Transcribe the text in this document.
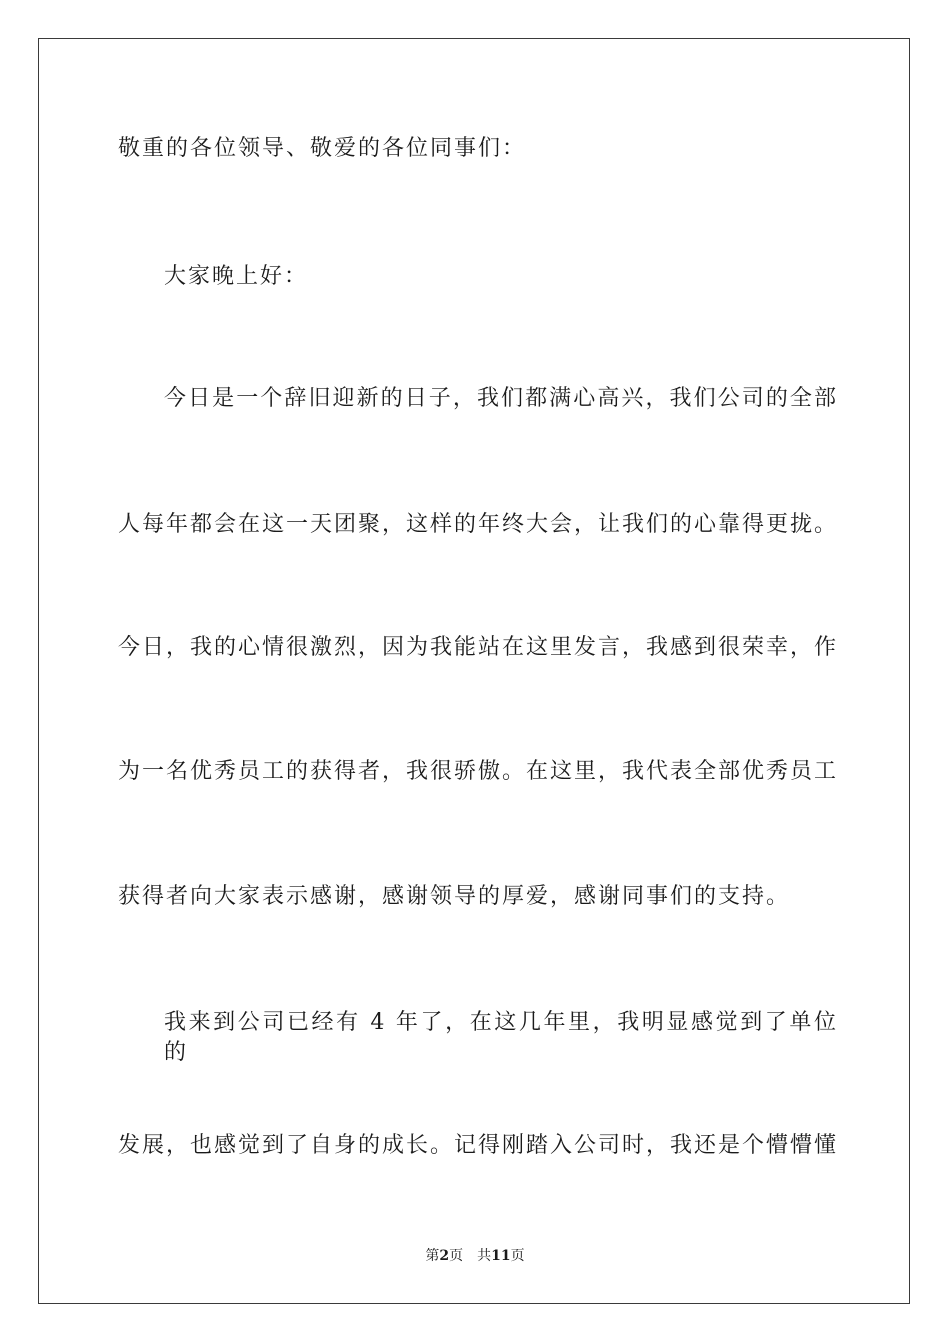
敬重的各位领导、敬爱的各位同事们：

大家晚上好：

今日是一个辞旧迎新的日子，我们都满心高兴，我们公司的全部

人每年都会在这一天团聚，这样的年终大会，让我们的心靠得更拢。

今日，我的心情很激烈，因为我能站在这里发言，我感到很荣幸，作

为一名优秀员工的获得者，我很骄傲。在这里，我代表全部优秀员工

获得者向大家表示感谢，感谢领导的厚爱，感谢同事们的支持。

我来到公司已经有 4 年了，在这几年里，我明显感觉到了单位的

发展，也感觉到了自身的成长。记得刚踏入公司时，我还是个懵懵懂

第2页 共11页
